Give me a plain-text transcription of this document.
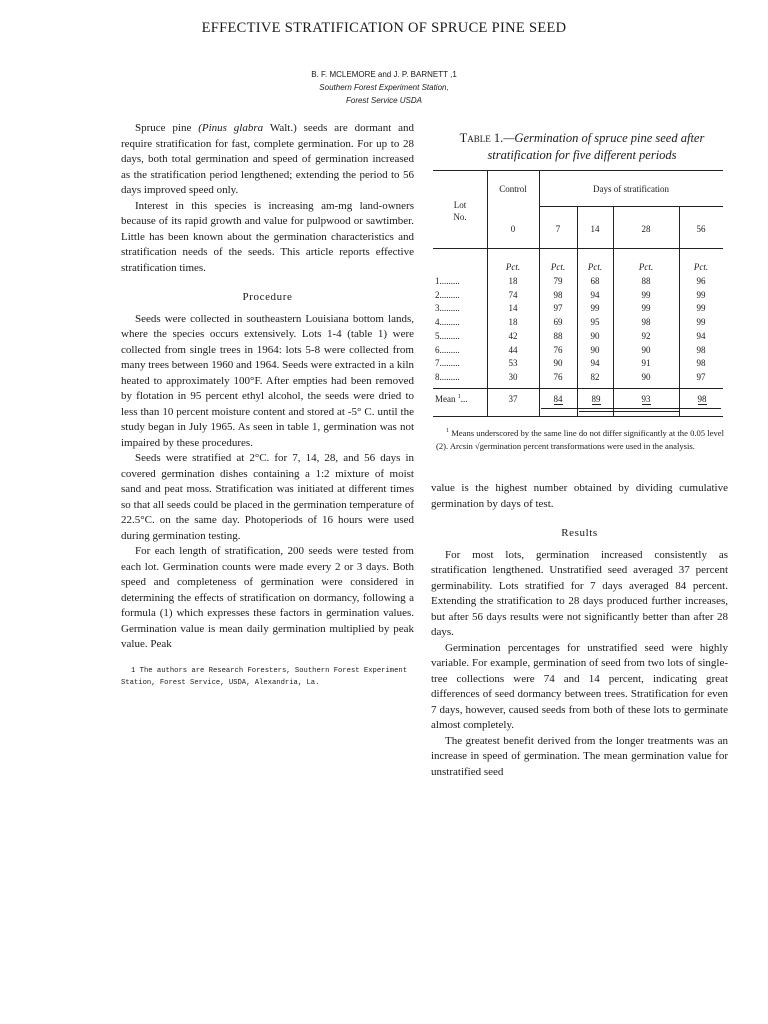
EFFECTIVE STRATIFICATION OF SPRUCE PINE SEED
B. F. MCLEMORE and J. P. BARNETT ,1
Southern Forest Experiment Station,
Forest Service USDA

Spruce pine (Pinus glabra Walt.) seeds are dormant and require stratification for fast, complete germination. For up to 28 days, both total germination and speed of germination increased as the stratification period lengthened; extending the period to 56 days improved speed only.

Interest in this species is increasing am-mg land-owners because of its rapid growth and value for pulpwood or sawtimber. Little has been known about the germination characteristics and stratification needs of the seeds. This article reports effective stratification times.

Procedure

Seeds were collected in southeastern Louisiana bottom lands, where the species occurs extensively. Lots 1-4 (table 1) were collected from single trees in 1964: lots 5-8 were collected from many trees between 1960 and 1964. Seeds were extracted in a kiln heated to approximately 100°F. After empties had been removed by flotation in 95 percent ethyl alcohol, the seeds were dried to less than 10 percent moisture content and stored at -5° C. until the study began in July 1965. As seen in table 1, germination was not impaired by these procedures.

Seeds were stratified at 2°C. for 7, 14, 28, and 56 days in covered germination dishes containing a 1:2 mixture of moist sand and peat moss. Stratification was initiated at different times so that all seeds could be placed in the germination temperature of 22.5°C. on the same day. Photoperiods of 16 hours were used during germination testing.

For each length of stratification, 200 seeds were tested from each lot. Germination counts were made every 2 or 3 days. Both speed and completeness of germination were considered in determining the effects of stratification on dormancy, following a formula (1) which expresses these factors in germination values. Germination value is mean daily germination multiplied by peak value. Peak

1 The authors are Research Foresters, Southern Forest Experiment Station, Forest Service, USDA, Alexandria, La.
Table 1.—Germination of spruce pine seed after stratification for five different periods
Control	Days of stratification
Lot
No.
0	7	14	28	56
Pct.	Pct.	Pct.	Pct.	Pct.
1.........	18	79	68	88	96
2.........	74	98	94	99	99
3.........	14	97	99	99	99
4.........	18	69	95	98	99
5.........	42	88	90	92	94
6.........	44	76	90	90	98
7.........	53	90	94	91	98
8.........	30	76	82	90	97
Mean $^1$...	37	84	89	93	98

$^1$ Means underscored by the same line do not differ significantly at the 0.05 level (2). Arcsin √germination percent transformations were used in the analysis.

value is the highest number obtained by dividing cumulative germination by days of test.

Results

For most lots, germination increased consistently as stratification lengthened. Unstratified seed averaged 37 percent germinability. Lots stratified for 7 days averaged 84 percent. Extending the stratification to 28 days produced further increases, but after 56 days results were not significantly better than after 28 days.

Germination percentages for unstratified seed were highly variable. For example, germination of seed from two lots of single-tree collections were 74 and 14 percent, indicating great differences of seed dormancy between trees. Stratification for even 7 days, however, caused seeds from both of these lots to germinate almost completely.

The greatest benefit derived from the longer treatments was an increase in speed of germination. The mean germination value for unstratified seed
